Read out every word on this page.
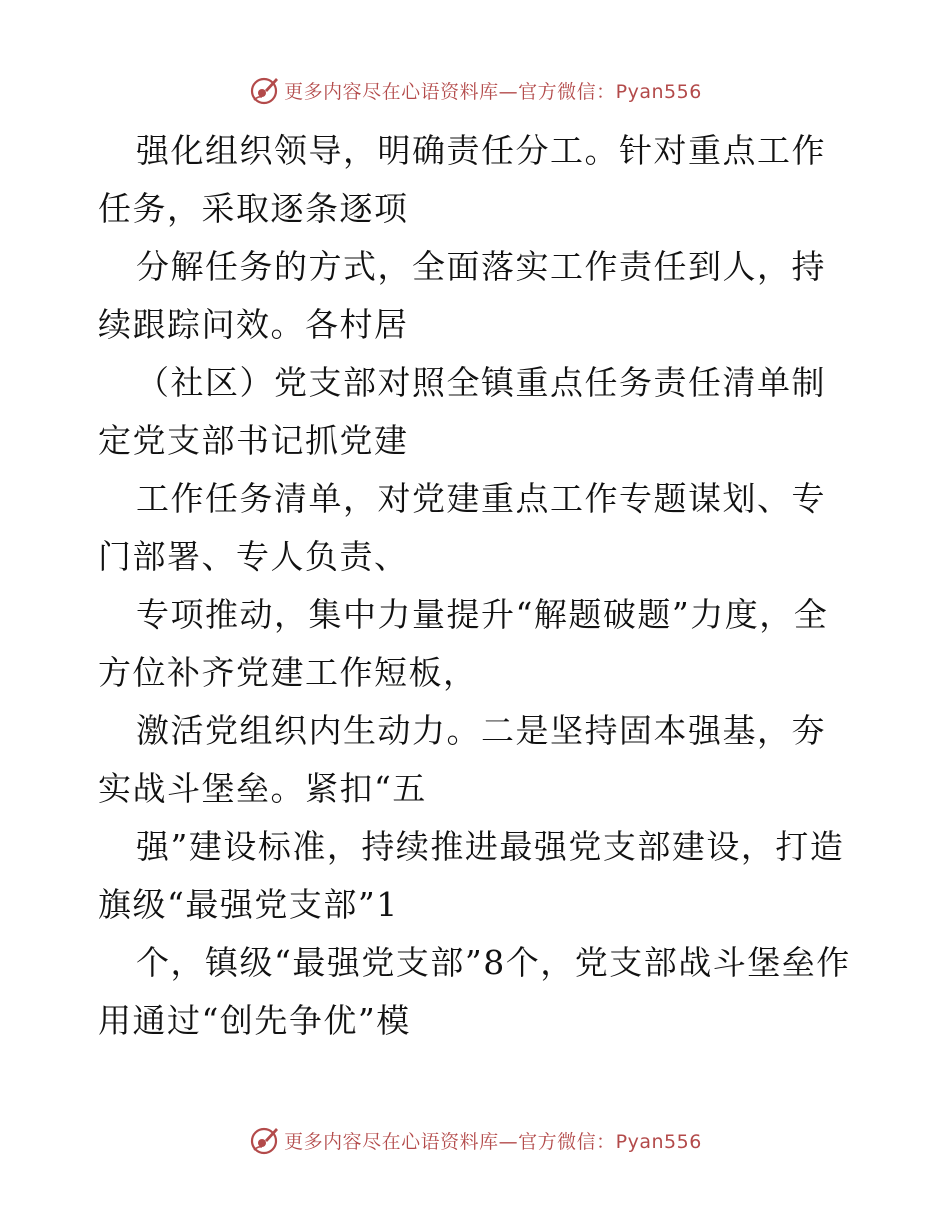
更多内容尽在心语资料库—官方微信：Pyan556

强化组织领导，明确责任分工。针对重点工作任务，采取逐条逐项

分解任务的方式，全面落实工作责任到人，持续跟踪问效。各村居

（社区）党支部对照全镇重点任务责任清单制定党支部书记抓党建

工作任务清单，对党建重点工作专题谋划、专门部署、专人负责、

专项推动，集中力量提升“解题破题”力度，全方位补齐党建工作短板，

激活党组织内生动力。二是坚持固本强基，夯实战斗堡垒。紧扣“五

强”建设标准，持续推进最强党支部建设，打造旗级“最强党支部”1

个，镇级“最强党支部”8个，党支部战斗堡垒作用通过“创先争优”模

更多内容尽在心语资料库—官方微信：Pyan556
